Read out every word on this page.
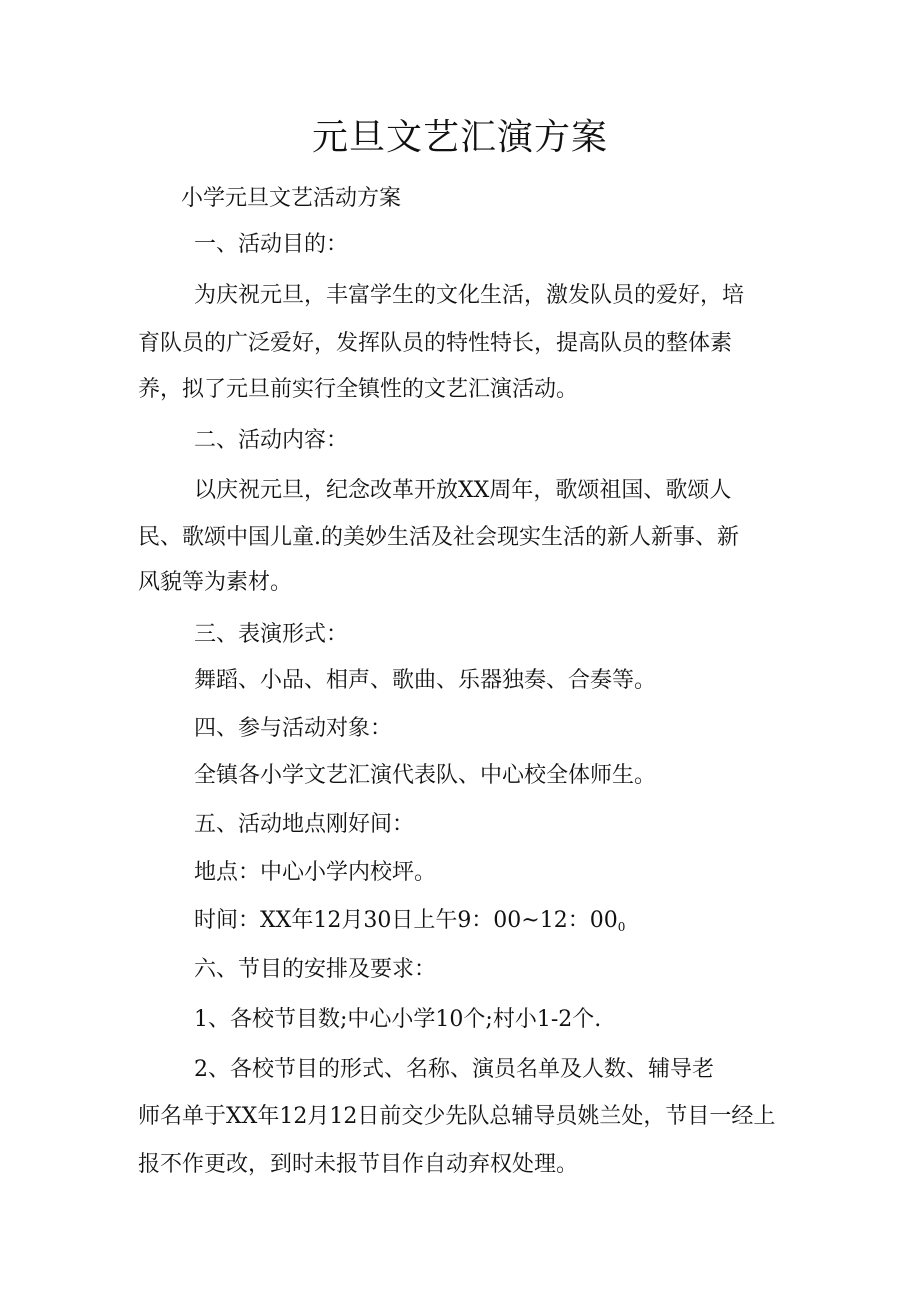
元旦文艺汇演方案

小学元旦文艺活动方案

一、活动目的：

为庆祝元旦，丰富学生的文化生活，激发队员的爱好，培

育队员的广泛爱好，发挥队员的特性特长，提高队员的整体素

养，拟了元旦前实行全镇性的文艺汇演活动。

二、活动内容：

以庆祝元旦，纪念改革开放XX周年，歌颂祖国、歌颂人

民、歌颂中国儿童.的美妙生活及社会现实生活的新人新事、新

风貌等为素材。

三、表演形式：

舞蹈、小品、相声、歌曲、乐器独奏、合奏等。

四、参与活动对象：

全镇各小学文艺汇演代表队、中心校全体师生。

五、活动地点刚好间：

地点：中心小学内校坪。

时间：XX年12月30日上午9：00~12：$00_0$

六、节目的安排及要求：

1、各校节目数;中心小学10个;村小1-2个.

2、各校节目的形式、名称、演员名单及人数、辅导老

师名单于XX年12月12日前交少先队总辅导员姚兰处，节目一经上

报不作更改，到时未报节目作自动弃权处理。
